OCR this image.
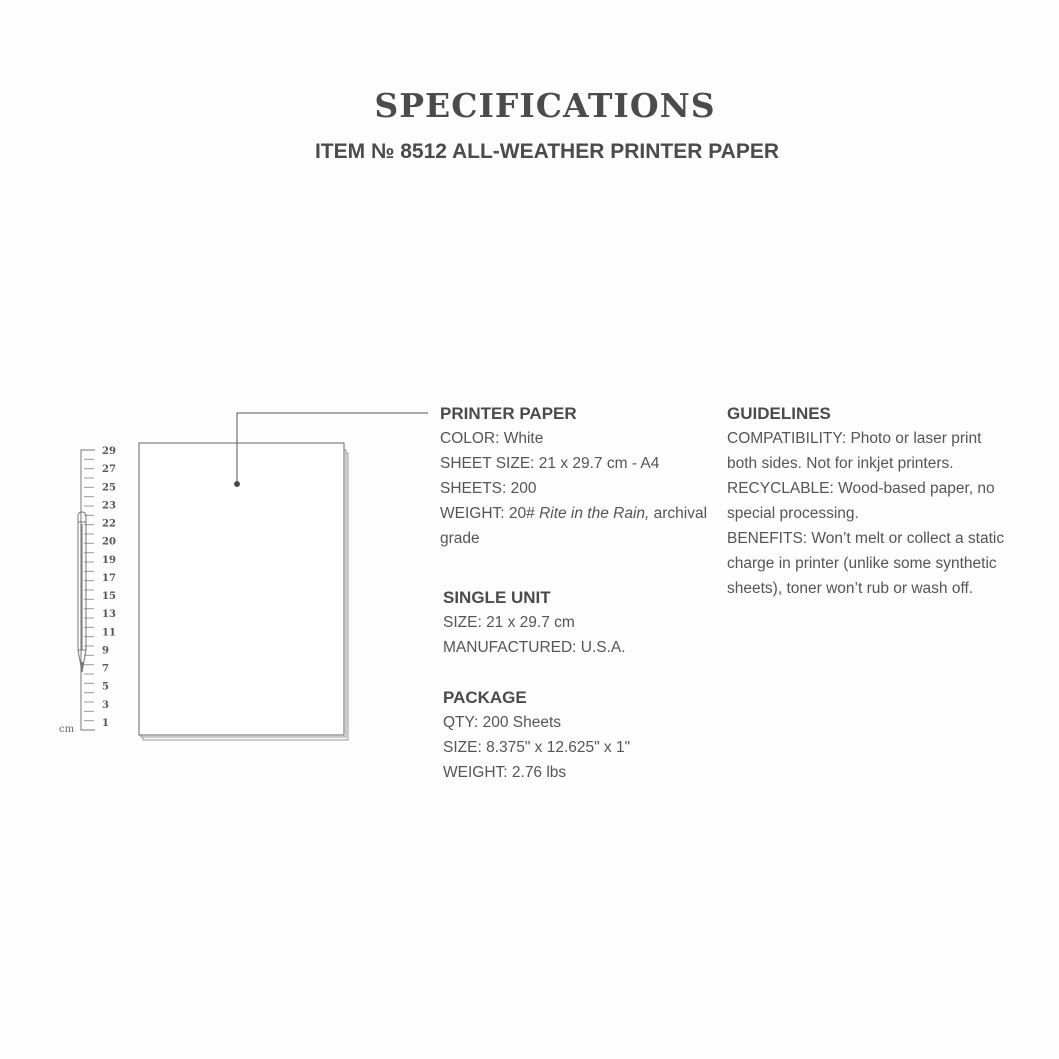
SPECIFICATIONS
ITEM № 8512 ALL-WEATHER PRINTER PAPER
29
27
25
23
22
20
19
17
15
13
11
9
7
5
3
1
cm
PRINTER PAPER

COLOR: White

SHEET SIZE: 21 x 29.7 cm - A4

SHEETS: 200

WEIGHT: 20# Rite in the Rain, archival grade

SINGLE UNIT

SIZE: 21 x 29.7 cm

MANUFACTURED: U.S.A.

PACKAGE

QTY: 200 Sheets

SIZE: 8.375" x 12.625" x 1"

WEIGHT: 2.76 lbs

GUIDELINES

COMPATIBILITY: Photo or laser print both sides. Not for inkjet printers.

RECYCLABLE: Wood-based paper, no special processing.

BENEFITS: Won’t melt or collect a static charge in printer (unlike some synthetic sheets), toner won’t rub or wash off.
